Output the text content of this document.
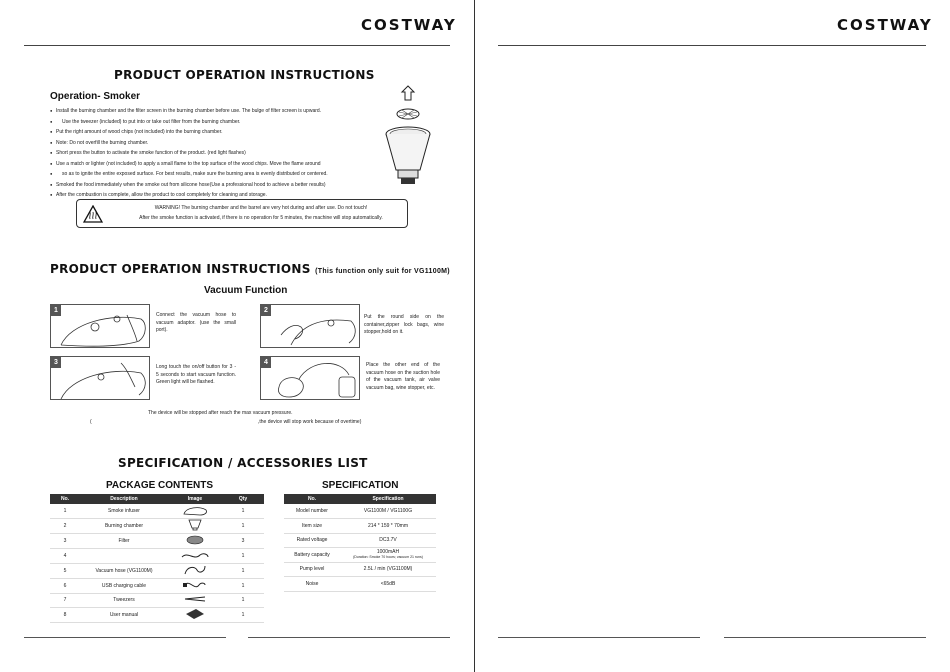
COSTWAY
PRODUCT OPERATION INSTRUCTIONS
Operation- Smoker
● Install the burning chamber and the filter screen in the burning chamber before use. The bulge of filter screen is upward.
● Use the tweezer (included) to put into or take out filter from the burning chamber.
● Put the right amount of wood chips (not included) into the burning chamber.
● Note: Do not overfill the burning chamber.
● Short press the button to activate the smoke function of the product. (red light flashes)
● Use a match or lighter (not included) to apply a small flame to the top surface of the wood chips. Move the flame around
● so as to ignite the entire exposed surface. For best results, make sure the burning area is evenly distributed or centered.
● Smoked the food immediately when the smoke out from silicone hose(Use a professional hood to achieve a better results)
● After the combustion is complete, allow the product to cool completely for cleaning and storage.
WARNING! The burning chamber and the barrel are very hot during and after use. Do not touch!
After the smoke function is activated, if there is no operation for 5 minutes, the machine will stop automatically.
PRODUCT OPERATION INSTRUCTIONS (This function only suit for VG1100M)
Vacuum Function
1
Connect the vacuum hose to vacuum adaptor. (use the small port).
2
Put the round side on the container,zipper lock bags, wine stopper,hold on it.
3
Long touch the on/off button for 3 - 5 seconds to start vacuum function. Green light will be flashed.
4	Place the other end of the vacuum hose on the suction hole of the vacuum tank, air valve vacuum bag, wine stopper, etc.
The device will be stopped after reach the max vacuum pressure.
(	,the device will stop work because of overtime)
SPECIFICATION / ACCESSORIES LIST
PACKAGE CONTENTS	SPECIFICATION
No.	Description	Image	Qty
1	Smoke infuser		1
2	Burning chamber		1
3	Filter		3
4			1
5	Vacuum hose (VG1100M)		1
6	USB charging cable		1
7	Tweezers		1
8	User manual		1
No.	Specification
Model number	VG1100M / VG1100G
Item size	214 * 159 * 70mm
Rated voltage	DC3.7V
Battery capacity	1000mAH
(Duration: Smoke 70 hours; vacuum 21 runs)

Pump level	2.5L / min (VG1100M)
Noise	<65dB
COSTWAY
